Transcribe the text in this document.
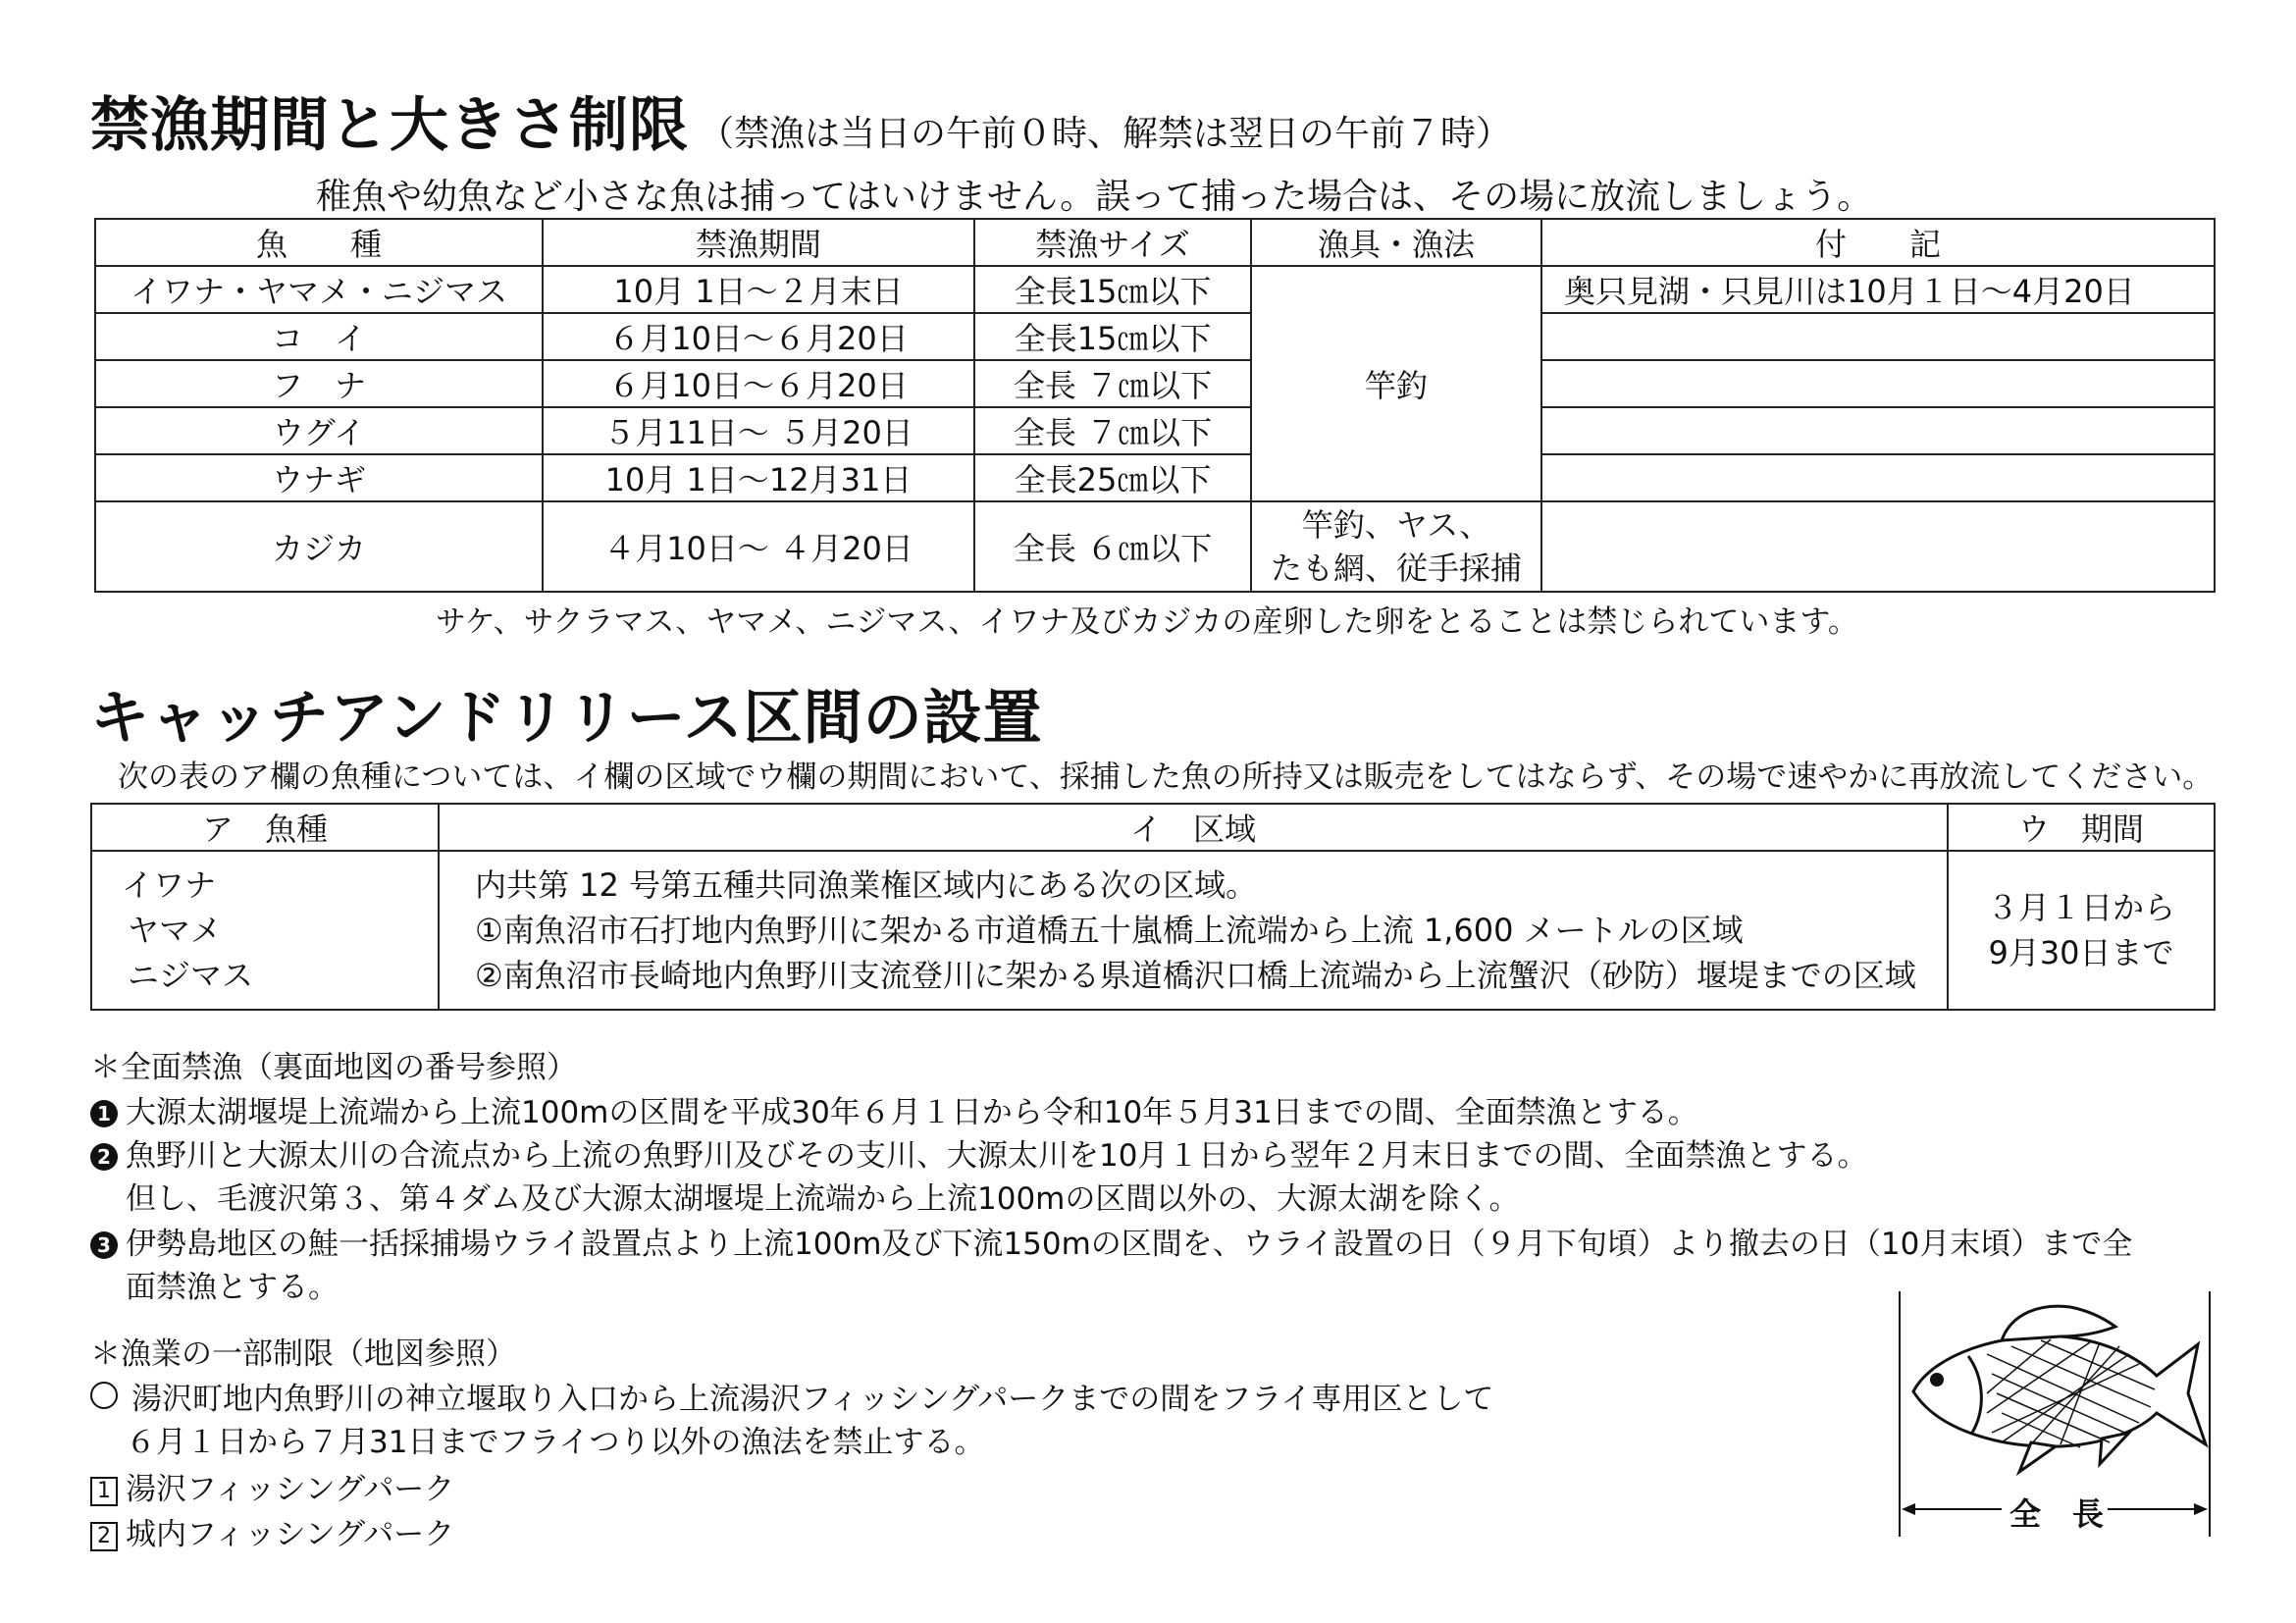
禁漁期間と大きさ制限 （禁漁は当日の午前０時、解禁は翌日の午前７時）
稚魚や幼魚など小さな魚は捕ってはいけません。誤って捕った場合は、その場に放流しましょう。
魚　　種	禁漁期間	禁漁サイズ	漁具・漁法	付　　記
イワナ・ヤマメ・ニジマス	10月 1日～２月末日	全長15㎝以下	竿釣	奥只見湖・只見川は10月１日～4月20日
コ　イ	６月10日～６月20日	全長15㎝以下		
フ　ナ	６月10日～６月20日	全長 ７㎝以下		
ウグイ	５月11日～ ５月20日	全長 ７㎝以下		
ウナギ	10月 1日～12月31日	全長25㎝以下		
カジカ	４月10日～ ４月20日	全長 ６㎝以下	竿釣、ヤス、
たも網、従手採捕	

サケ、サクラマス、ヤマメ、ニジマス、イワナ及びカジカの産卵した卵をとることは禁じられています。
キャッチアンドリリース区間の設置
次の表のア欄の魚種については、イ欄の区域でウ欄の期間において、採捕した魚の所持又は販売をしてはならず、その場で速やかに再放流してください。
ア　魚種	イ　区域	ウ　期間

イワナ
ヤマメ
ニジマス	内共第 12 号第五種共同漁業権区域内にある次の区域。
①南魚沼市石打地内魚野川に架かる市道橋五十嵐橋上流端から上流 1,600 メートルの区域
②南魚沼市長崎地内魚野川支流登川に架かる県道橋沢口橋上流端から上流蟹沢（砂防）堰堤までの区域	３月１日から
9月30日まで
＊全面禁漁（裏面地図の番号参照）
1 大源太湖堰堤上流端から上流100mの区間を平成30年６月１日から令和10年５月31日までの間、全面禁漁とする。
2 魚野川と大源太川の合流点から上流の魚野川及びその支川、大源太川を10月１日から翌年２月末日までの間、全面禁漁とする。
但し、毛渡沢第３、第４ダム及び大源太湖堰堤上流端から上流100mの区間以外の、大源太湖を除く。
3 伊勢島地区の鮭一括採捕場ウライ設置点より上流100m及び下流150mの区間を、ウライ設置の日（９月下旬頃）より撤去の日（10月末頃）まで全
面禁漁とする。
＊漁業の一部制限（地図参照）
湯沢町地内魚野川の神立堰取り入口から上流湯沢フィッシングパークまでの間をフライ専用区として
６月１日から７月31日までフライつり以外の漁法を禁止する。
1 湯沢フィッシングパーク
2 城内フィッシングパーク
全　長
